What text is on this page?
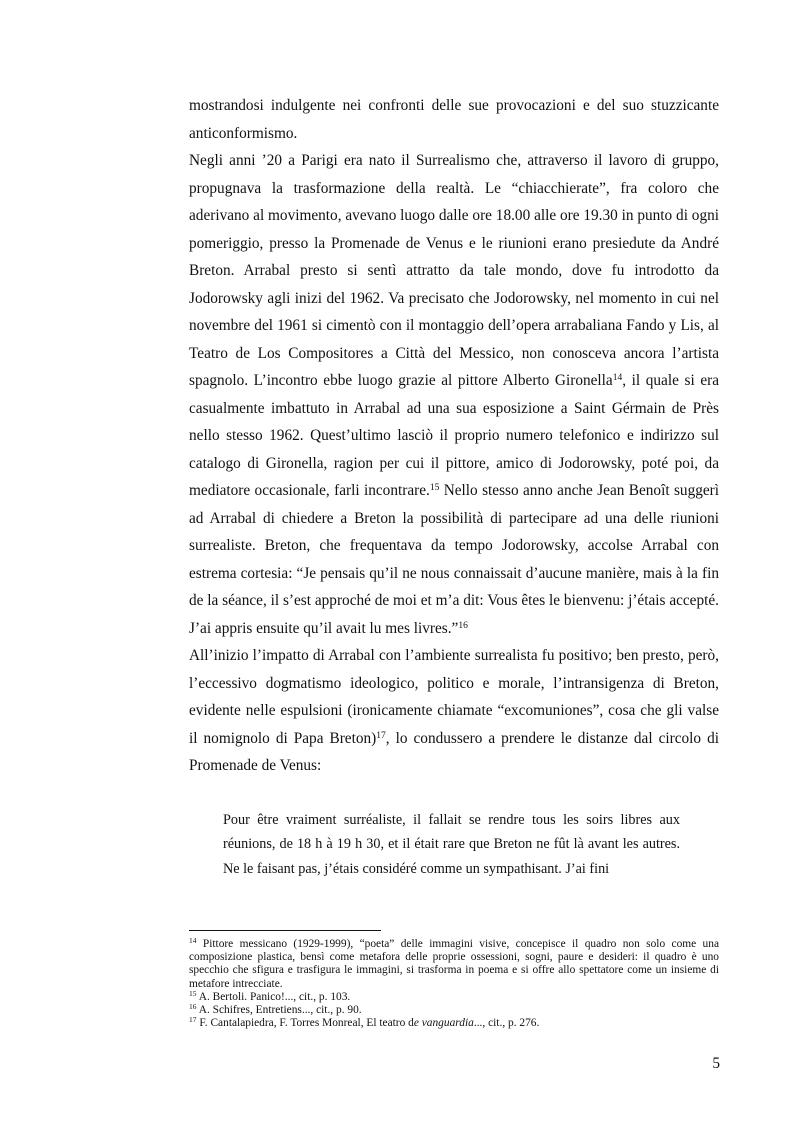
mostrandosi indulgente nei confronti delle sue provocazioni e del suo stuzzicante anticonformismo.

Negli anni ’20 a Parigi era nato il Surrealismo che, attraverso il lavoro di gruppo, propugnava la trasformazione della realtà. Le “chiacchierate”, fra coloro che aderivano al movimento, avevano luogo dalle ore 18.00 alle ore 19.30 in punto di ogni pomeriggio, presso la Promenade de Venus e le riunioni erano presiedute da André Breton. Arrabal presto si sentì attratto da tale mondo, dove fu introdotto da Jodorowsky agli inizi del 1962. Va precisato che Jodorowsky, nel momento in cui nel novembre del 1961 si cimentò con il montaggio dell’opera arrabaliana Fando y Lis, al Teatro de Los Compositores a Città del Messico, non conosceva ancora l’artista spagnolo. L’incontro ebbe luogo grazie al pittore Alberto Gironella$^{14}$, il quale si era casualmente imbattuto in Arrabal ad una sua esposizione a Saint Gérmain de Près nello stesso 1962. Quest’ultimo lasciò il proprio numero telefonico e indirizzo sul catalogo di Gironella, ragion per cui il pittore, amico di Jodorowsky, poté poi, da mediatore occasionale, farli incontrare.$^{15}$ Nello stesso anno anche Jean Benoît suggerì ad Arrabal di chiedere a Breton la possibilità di partecipare ad una delle riunioni surrealiste. Breton, che frequentava da tempo Jodorowsky, accolse Arrabal con estrema cortesia: “Je pensais qu’il ne nous connaissait d’aucune manière, mais à la fin de la séance, il s’est approché de moi et m’a dit: Vous êtes le bienvenu: j’étais accepté. J’ai appris ensuite qu’il avait lu mes livres.”$^{16}$

All’inizio l’impatto di Arrabal con l’ambiente surrealista fu positivo; ben presto, però, l’eccessivo dogmatismo ideologico, politico e morale, l’intransigenza di Breton, evidente nelle espulsioni (ironicamente chiamate “excomuniones”, cosa che gli valse il nomignolo di Papa Breton)$^{17}$, lo condussero a prendere le distanze dal circolo di Promenade de Venus:

Pour être vraiment surréaliste, il fallait se rendre tous les soirs libres aux réunions, de 18 h à 19 h 30, et il était rare que Breton ne fût là avant les autres. Ne le faisant pas, j’étais considéré comme un sympathisant. J’ai fini

$^{14}$ Pittore messicano (1929-1999), “poeta” delle immagini visive, concepisce il quadro non solo come una composizione plastica, bensì come metafora delle proprie ossessioni, sogni, paure e desideri: il quadro è uno specchio che sfigura e trasfigura le immagini, si trasforma in poema e si offre allo spettatore come un insieme di metafore intrecciate.

$^{15}$ A. Bertoli. Panico!..., cit., p. 103.

$^{16}$ A. Schifres, Entretiens..., cit., p. 90.

$^{17}$ F. Cantalapiedra, F. Torres Monreal, El teatro de vanguardia..., cit., p. 276.

5
